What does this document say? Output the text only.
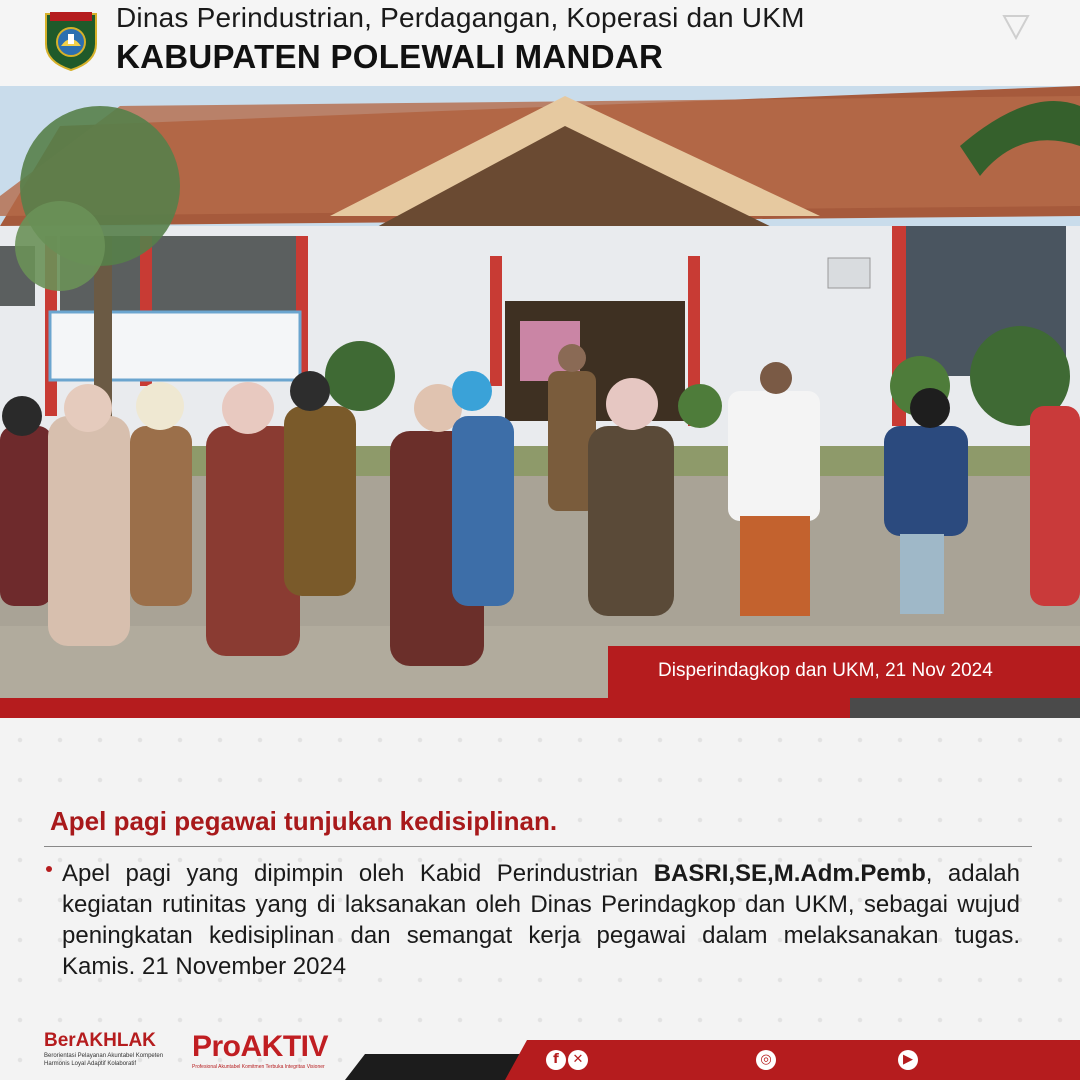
Dinas Perindustrian, Perdagangan, Koperasi dan UKM
KABUPATEN POLEWALI MANDAR
Disperindagkop dan UKM, 21 Nov 2024
Apel pagi pegawai tunjukan kedisiplinan.
Apel pagi yang dipimpin oleh Kabid Perindustrian BASRI,SE,M.Adm.Pemb, adalah kegiatan rutinitas yang di laksanakan oleh Dinas Perindagkop dan UKM, sebagai wujud peningkatan kedisiplinan dan semangat kerja pegawai dalam melaksanakan tugas. Kamis. 21 November 2024
BerAKHLAK
Berorientasi Pelayanan Akuntabel Kompeten Harmonis Loyal Adaptif Kolaboratif
ProAKTIV
Profesional Akuntabel Komitmen Terbuka Integritas Visioner	f	✕	◎	▶
